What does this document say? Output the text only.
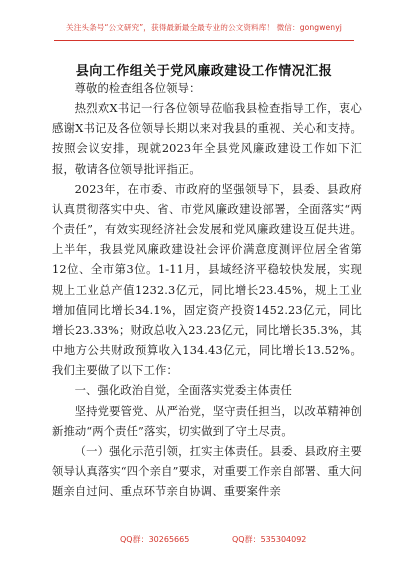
关注头条号“公文研究”，获得最新最全最专业的公文资料库！ 微信：gongwenyj
县向工作组关于党风廉政建设工作情况汇报

尊敬的检查组各位领导：

热烈欢X书记一行各位领导莅临我县检查指导工作，衷心感谢X书记及各位领导长期以来对我县的重视、关心和支持。按照会议安排，现就2023年全县党风廉政建设工作如下汇报，敬请各位领导批评指正。

2023年，在市委、市政府的坚强领导下，县委、县政府认真贯彻落实中央、省、市党风廉政建设部署，全面落实“两个责任”，有效实现经济社会发展和党风廉政建设互促共进。上半年，我县党风廉政建设社会评价满意度测评位居全省第12位、全市第3位。1-11月，县域经济平稳较快发展，实现规上工业总产值1232.3亿元，同比增长23.45%，规上工业增加值同比增长34.1%，固定资产投资1452.23亿元，同比增长23.33%；财政总收入23.23亿元，同比增长35.3%，其中地方公共财政预算收入134.43亿元，同比增长13.52%。我们主要做了以下工作：

一、强化政治自觉，全面落实党委主体责任

坚持党要管党、从严治党，坚守责任担当，以改革精神创新推动“两个责任”落实，切实做到了守土尽责。

（一）强化示范引领，扛实主体责任。县委、县政府主要领导认真落实“四个亲自”要求，对重要工作亲自部署、重大问题亲自过问、重点环节亲自协调、重要案件亲

QQ群：30265665	QQ群：535304092
